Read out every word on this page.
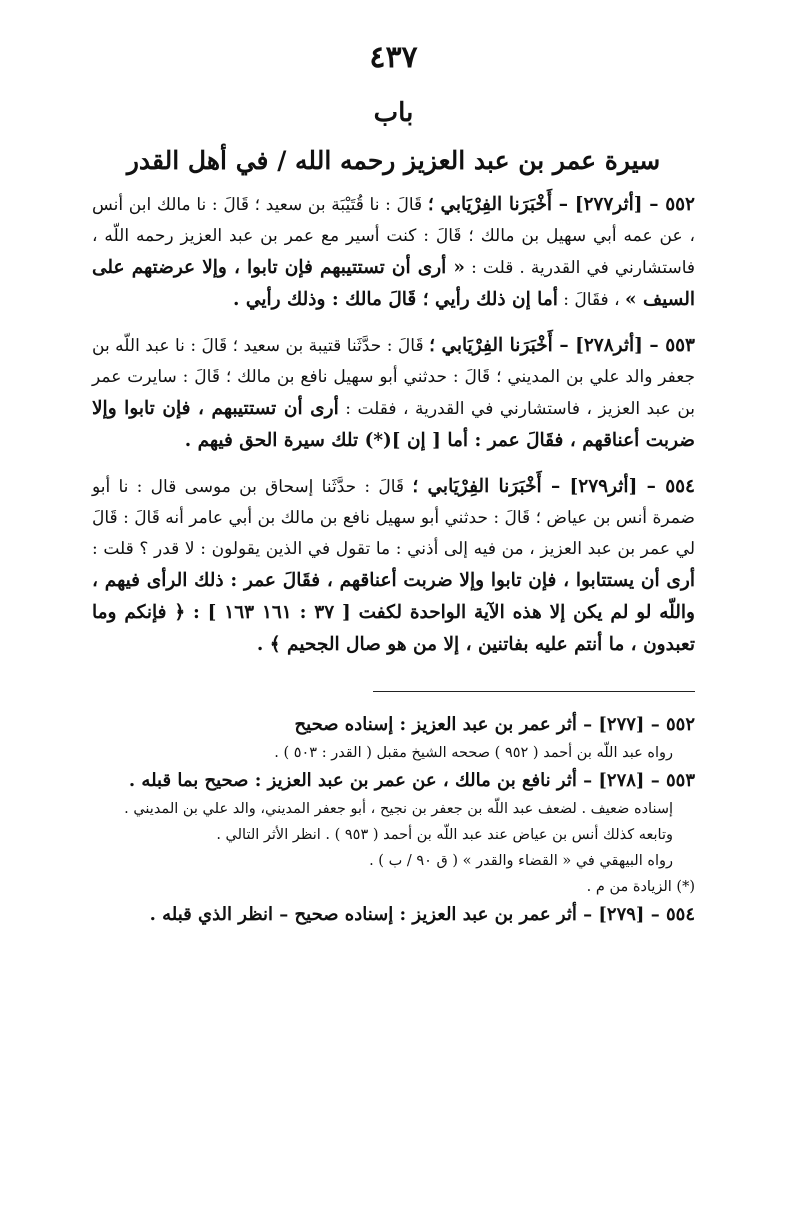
٤٣٧
باب
سيرة عمر بن عبد العزيز رحمه الله / في أهل القدر

٥٥٢ – [أثر٢٧٧] – أَخْبَرَنا الفِرْيَابي ؛ قَالَ : نا قُتَيْبَة بن سعيد ؛ قَالَ : نا مالك ابن أنس ، عن عمه أبي سهيل بن مالك ؛ قَالَ : كنت أسير مع عمر بن عبد العزيز رحمه اللّه ، فاستشارني في القدرية . قلت : « أرى أن تستتيبهم فإن تابوا ، وإلا عرضتهم على السيف » ، فقَالَ : أما إن ذلك رأيي ؛ قَالَ مالك : وذلك رأيي .

٥٥٣ – [أثر٢٧٨] – أَخْبَرَنا الفِرْيَابي ؛ قَالَ : حدَّثَنا قتيبة بن سعيد ؛ قَالَ : نا عبد اللّه بن جعفر والد علي بن المديني ؛ قَالَ : حدثني أبو سهيل نافع بن مالك ؛ قَالَ : سايرت عمر بن عبد العزيز ، فاستشارني في القدرية ، فقلت : أرى أن تستتيبهم ، فإن تابوا وإلا ضربت أعناقهم ، فقَالَ عمر : أما [ إن ](*) تلك سيرة الحق فيهم .

٥٥٤ – [أثر٢٧٩] – أَخْبَرَنا الفِرْيَابي ؛ قَالَ : حدَّثَنا إسحاق بن موسى قال : نا أبو ضمرة أنس بن عياض ؛ قَالَ : حدثني أبو سهيل نافع بن مالك بن أبي عامر أنه قَالَ : قَالَ لي عمر بن عبد العزيز ، من فيه إلى أذني : ما تقول في الذين يقولون : لا قدر ؟ قلت : أرى أن يستتابوا ، فإن تابوا وإلا ضربت أعناقهم ، فقَالَ عمر : ذلك الرأى فيهم ، واللّه لو لم يكن إلا هذه الآية الواحدة لكفت [ ٣٧ : ١٦١ ١٦٣ ] : ﴿ فإنكم وما تعبدون ، ما أنتم عليه بفاتنين ، إلا من هو صال الجحيم ﴾ .

٥٥٢ – [٢٧٧] – أثر عمر بن عبد العزيز : إسناده صحيح

رواه عبد اللّه بن أحمد ( ٩٥٢ ) صححه الشيخ مقبل ( القدر : ٥٠٣ ) .

٥٥٣ – [٢٧٨] – أثر نافع بن مالك ، عن عمر بن عبد العزيز : صحيح بما قبله .

إسناده ضعيف . لضعف عبد اللّه بن جعفر بن نجيح ، أبو جعفر المديني، والد علي بن المديني .

وتابعه كذلك أنس بن عياض عند عبد اللّه بن أحمد ( ٩٥٣ ) . انظر الأثر التالي .

رواه البيهقي في « القضاء والقدر » ( ق ٩٠ / ب ) .

(*) الزيادة من م .

٥٥٤ – [٢٧٩] – أثر عمر بن عبد العزيز : إسناده صحيح – انظر الذي قبله .
